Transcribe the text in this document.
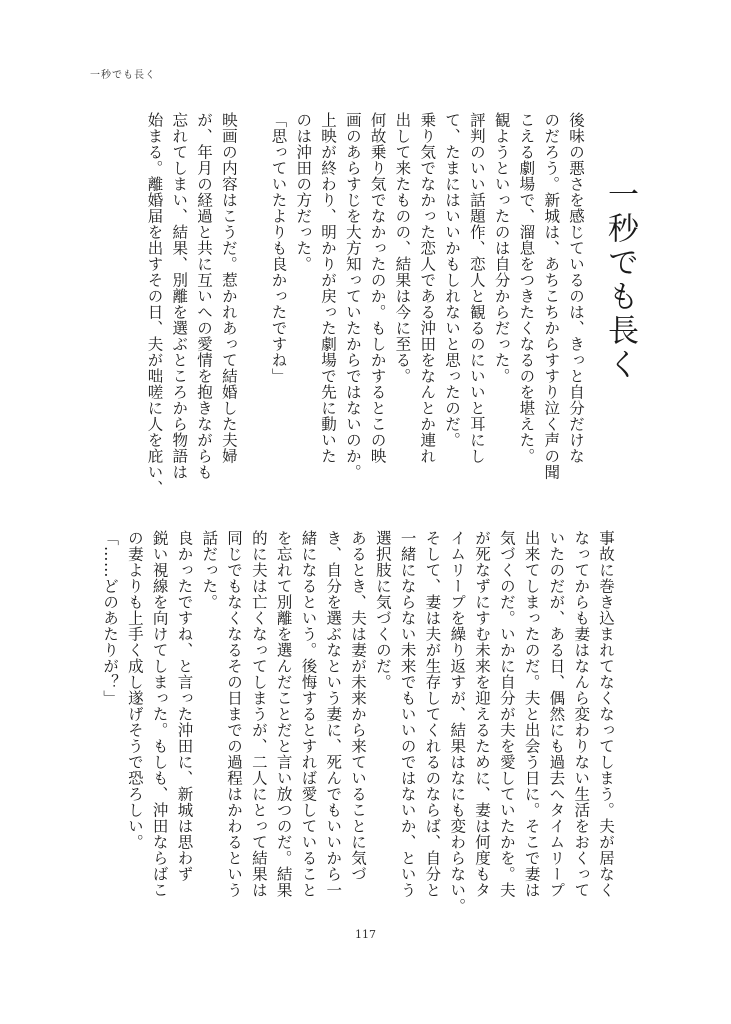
一秒でも長く
一秒でも長く

後味の悪さを感じているのは、きっと自分だけな

のだろう。新城は、あちこちからすすり泣く声の聞

こえる劇場で、溜息をつきたくなるのを堪えた。

観ようといったのは自分からだった。

評判のいい話題作、恋人と観るのにいいと耳にし

て、たまにはいいかもしれないと思ったのだ。

乗り気でなかった恋人である沖田をなんとか連れ

出して来たものの、結果は今に至る。

何故乗り気でなかったのか。もしかするとこの映

画のあらすじを大方知っていたからではないのか。

上映が終わり、明かりが戻った劇場で先に動いた

のは沖田の方だった。

「思っていたよりも良かったですね」

映画の内容はこうだ。惹かれあって結婚した夫婦

が、年月の経過と共に互いへの愛情を抱きながらも

忘れてしまい、結果、別離を選ぶところから物語は

始まる。離婚届を出すその日、夫が咄嗟に人を庇い、

事故に巻き込まれてなくなってしまう。夫が居なく

なってからも妻はなんら変わりない生活をおくって

いたのだが、ある日、偶然にも過去へタイムリープ

出来てしまったのだ。夫と出会う日に。そこで妻は

気づくのだ。いかに自分が夫を愛していたかを。夫

が死なずにすむ未来を迎えるために、妻は何度もタ

イムリープを繰り返すが、結果はなにも変わらない。

そして、妻は夫が生存してくれるのならば、自分と

一緒にならない未来でもいいのではないか、という

選択肢に気づくのだ。

あるとき、夫は妻が未来から来ていることに気づ

き、自分を選ぶなという妻に、死んでもいいから一

緒になるという。後悔するとすれば愛していること

を忘れて別離を選んだことだと言い放つのだ。結果

的に夫は亡くなってしまうが、二人にとって結果は

同じでもなくなるその日までの過程はかわるという

話だった。

良かったですね、と言った沖田に、新城は思わず

鋭い視線を向けてしまった。もしも、沖田ならばこ

の妻よりも上手く成し遂げそうで恐ろしい。

「……どのあたりが？」

117
